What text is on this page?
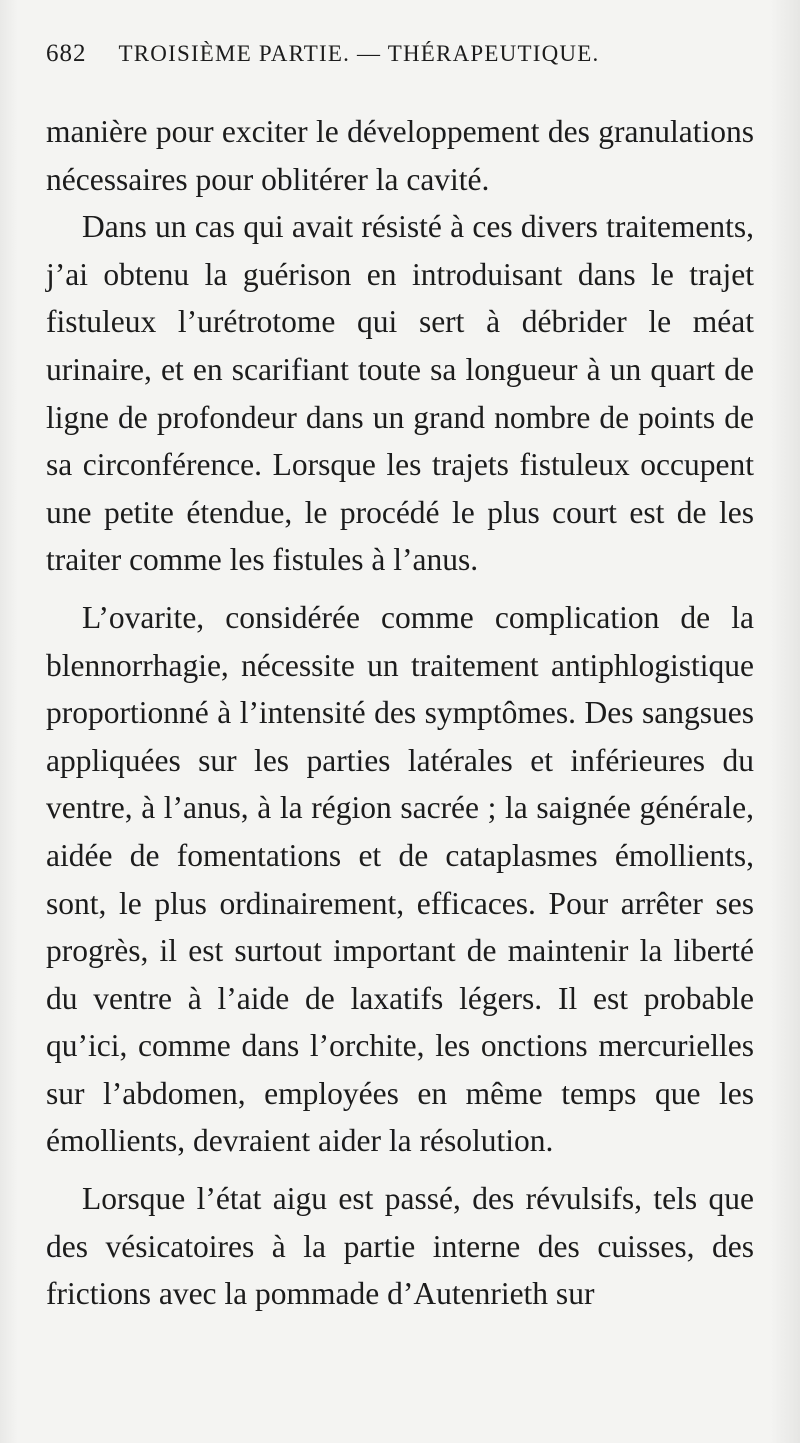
682 TROISIÈME PARTIE. — THÉRAPEUTIQUE.

manière pour exciter le développement des granulations nécessaires pour oblitérer la cavité.

Dans un cas qui avait résisté à ces divers traitements, j’ai obtenu la guérison en introduisant dans le trajet fistuleux l’urétrotome qui sert à débrider le méat urinaire, et en scarifiant toute sa longueur à un quart de ligne de profondeur dans un grand nombre de points de sa circonférence. Lorsque les trajets fistuleux occupent une petite étendue, le procédé le plus court est de les traiter comme les fistules à l’anus.

L’ovarite, considérée comme complication de la blennorrhagie, nécessite un traitement antiphlogistique proportionné à l’intensité des symptômes. Des sangsues appliquées sur les parties latérales et inférieures du ventre, à l’anus, à la région sacrée ; la saignée générale, aidée de fomentations et de cataplasmes émollients, sont, le plus ordinairement, efficaces. Pour arrêter ses progrès, il est surtout important de maintenir la liberté du ventre à l’aide de laxatifs légers. Il est probable qu’ici, comme dans l’orchite, les onctions mercurielles sur l’abdomen, employées en même temps que les émollients, devraient aider la résolution.

Lorsque l’état aigu est passé, des révulsifs, tels que des vésicatoires à la partie interne des cuisses, des frictions avec la pommade d’Autenrieth sur
